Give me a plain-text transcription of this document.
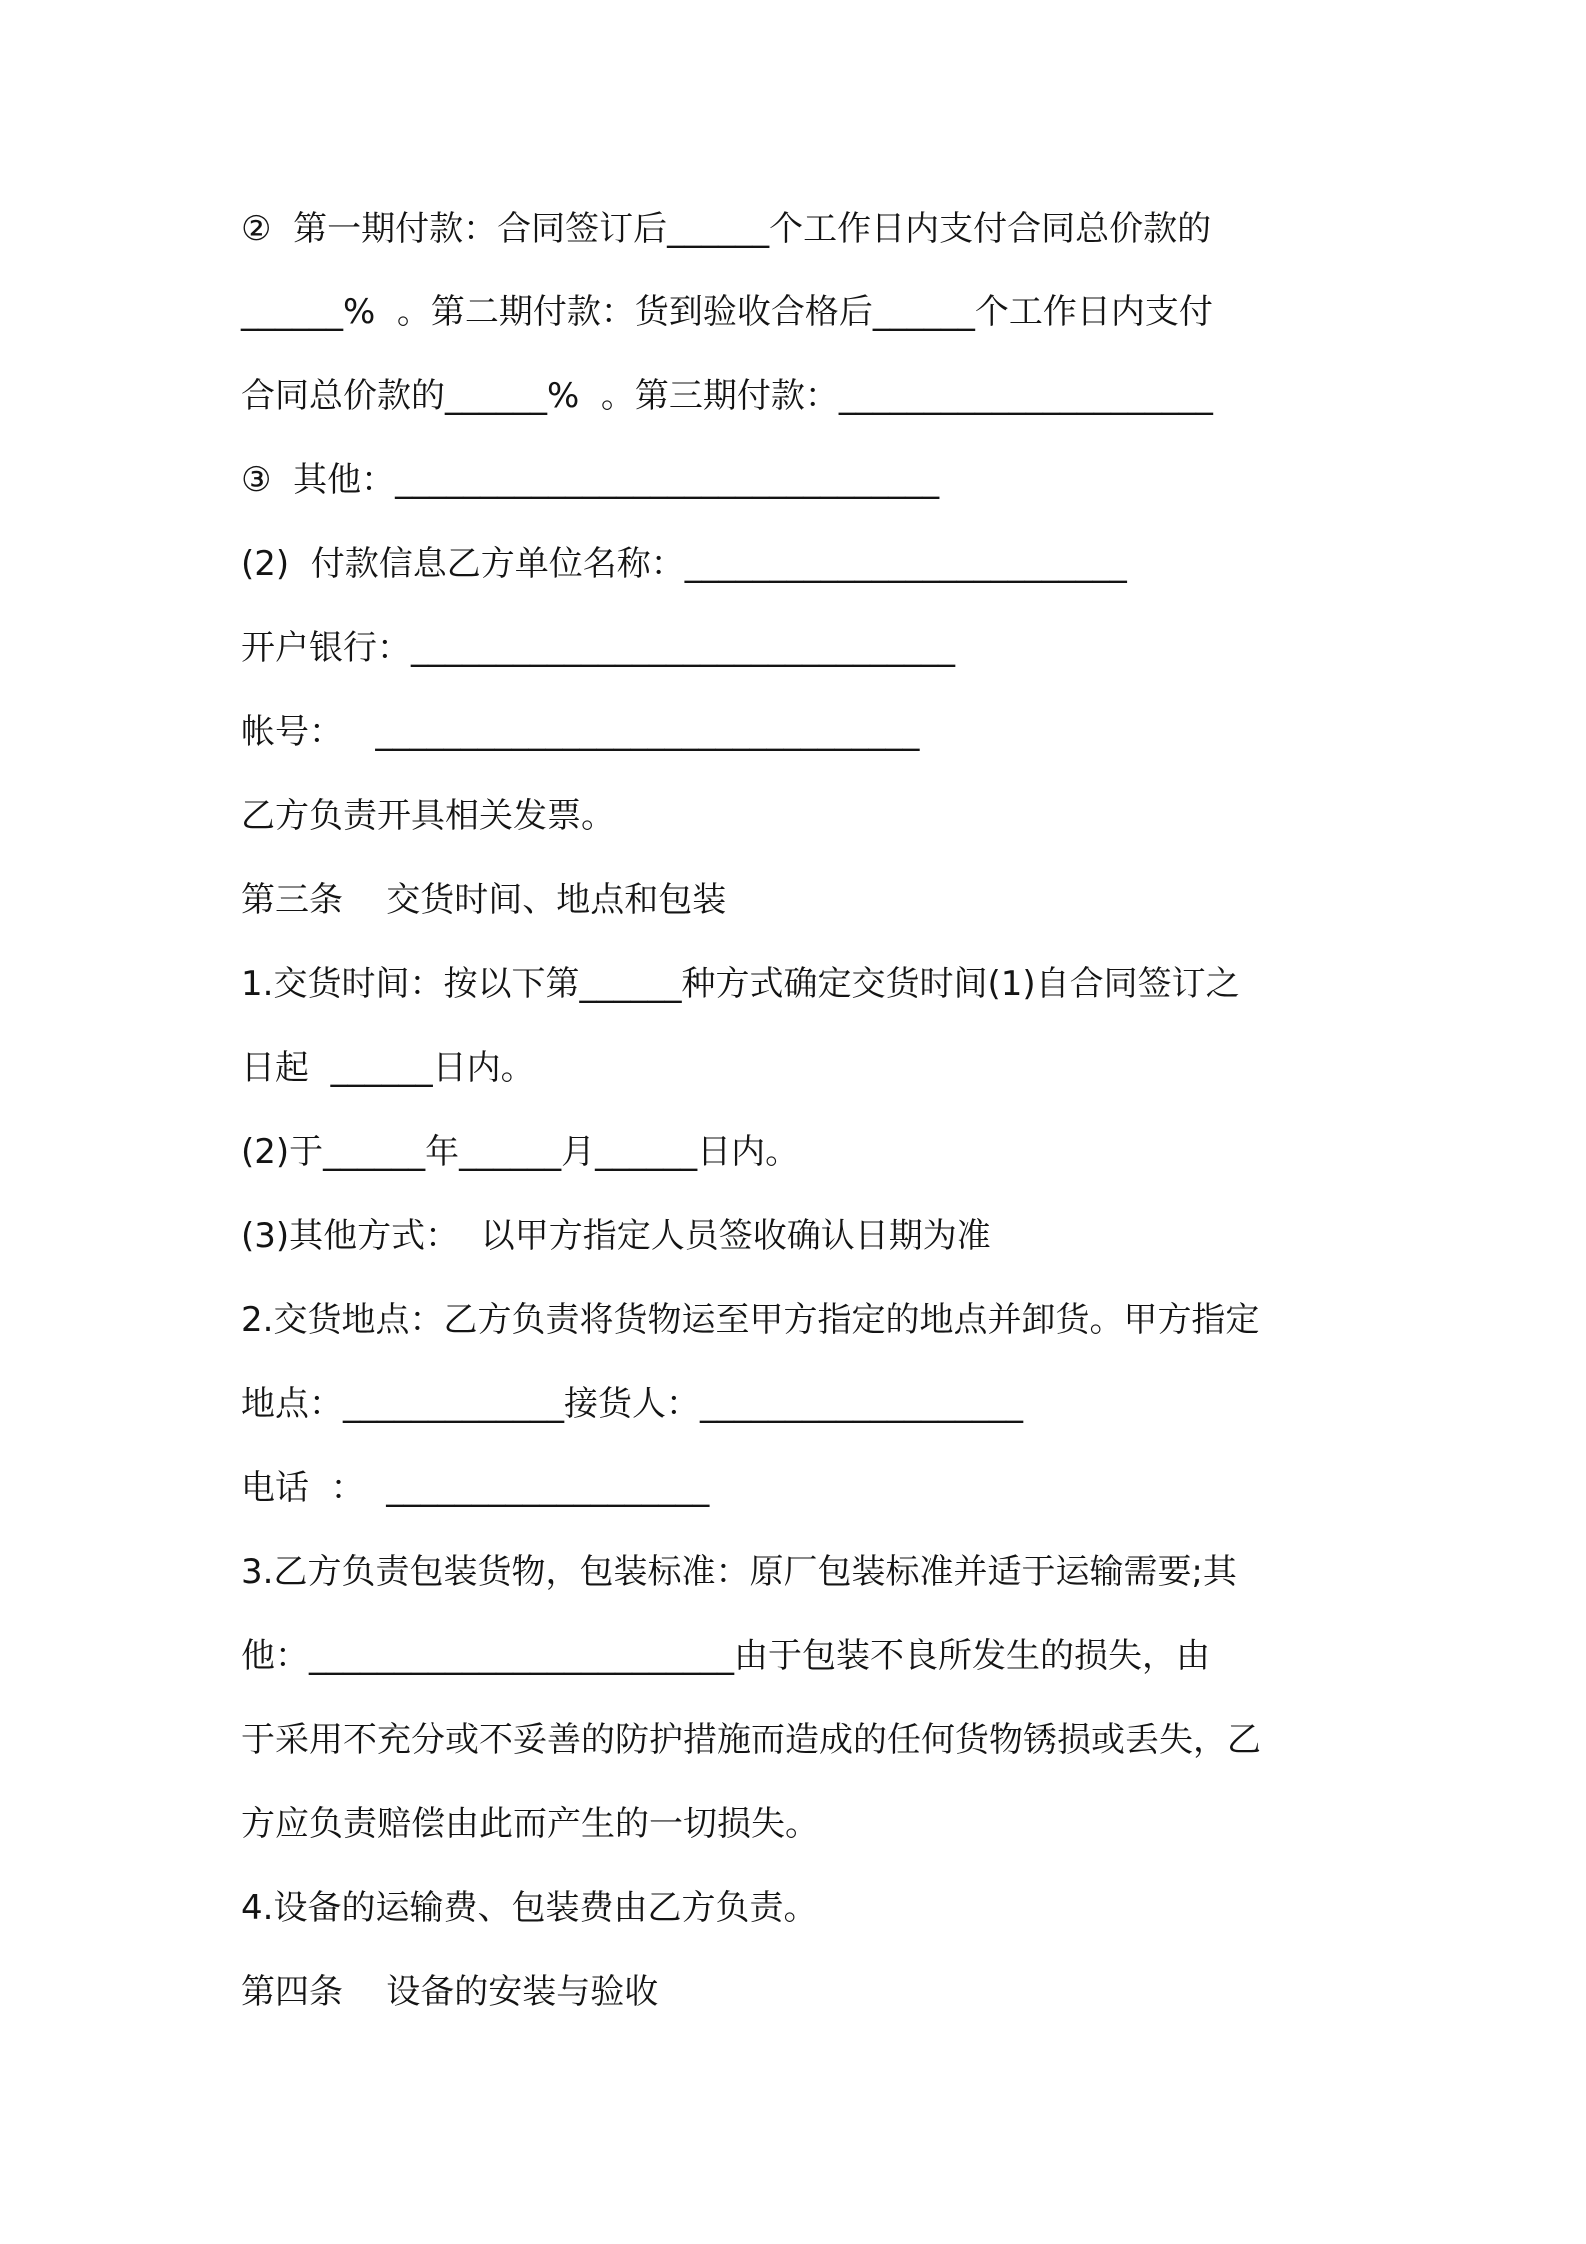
②  第一期付款：合同签订后______个工作日内支付合同总价款的

______%  。第二期付款：货到验收合格后______个工作日内支付

合同总价款的______%  。第三期付款：______________________

③  其他：________________________________

(2)  付款信息乙方单位名称：__________________________

开户银行：________________________________

帐号：   ________________________________

乙方负责开具相关发票。

第三条    交货时间、地点和包装

1.交货时间：按以下第______种方式确定交货时间(1)自合同签订之

日起  ______日内。

(2)于______年______月______日内。

(3)其他方式：  以甲方指定人员签收确认日期为准

2.交货地点：乙方负责将货物运至甲方指定的地点并卸货。甲方指定

地点：_____________接货人：___________________

电话  ：  ___________________

3.乙方负责包装货物，包装标准：原厂包装标准并适于运输需要;其

他：_________________________由于包装不良所发生的损失，由

于采用不充分或不妥善的防护措施而造成的任何货物锈损或丢失，乙

方应负责赔偿由此而产生的一切损失。

4.设备的运输费、包装费由乙方负责。

第四条    设备的安装与验收
